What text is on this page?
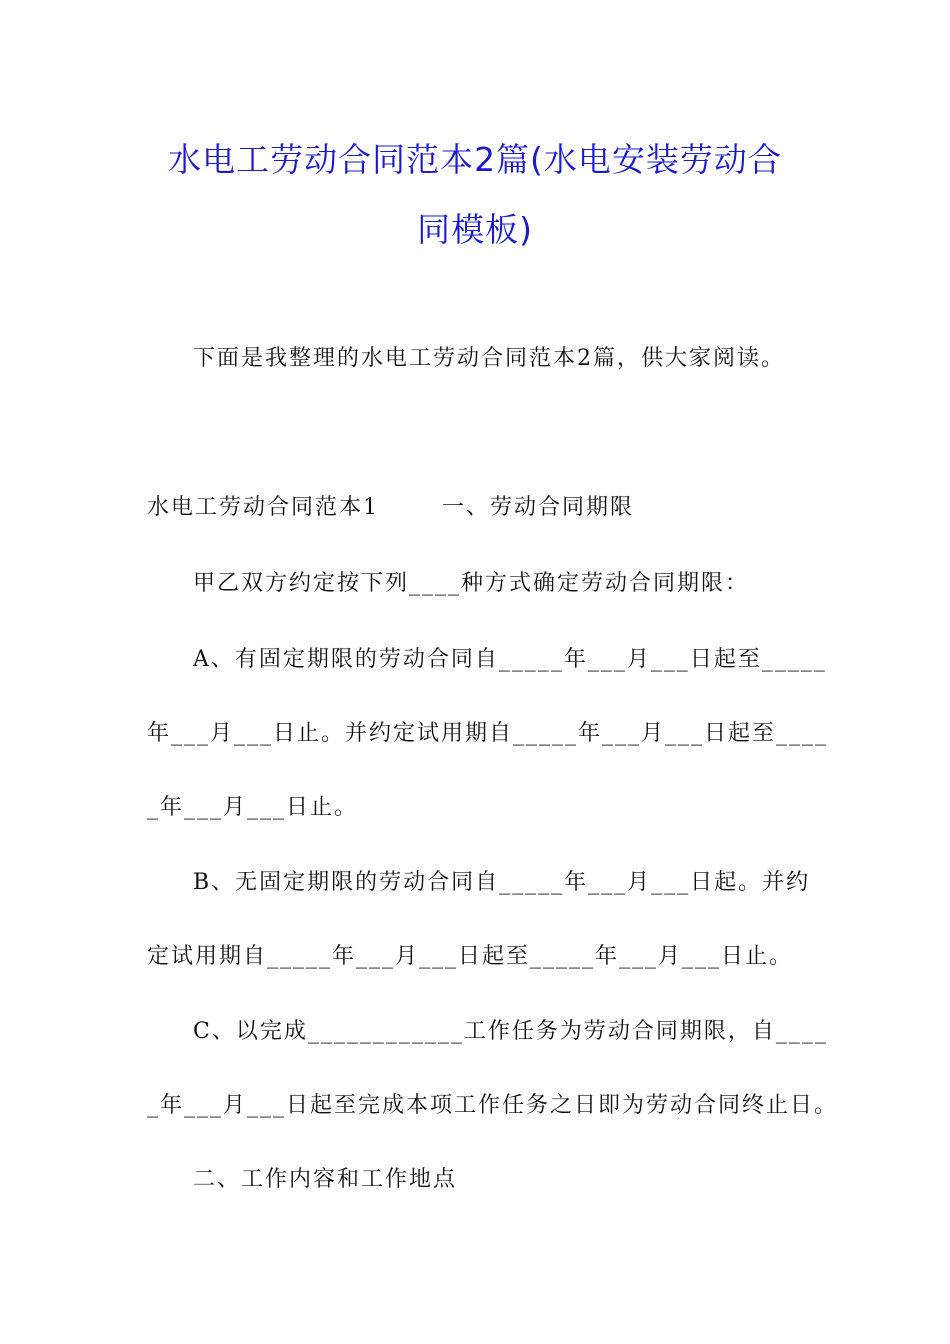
水电工劳动合同范本2篇(水电安装劳动合
同模板)
下面是我整理的水电工劳动合同范本2篇，供大家阅读。
水电工劳动合同范本1       一、劳动合同期限
甲乙双方约定按下列____种方式确定劳动合同期限：
A、有固定期限的劳动合同自_____年___月___日起至_____
年___月___日止。并约定试用期自_____年___月___日起至____
_年___月___日止。
B、无固定期限的劳动合同自_____年___月___日起。并约
定试用期自_____年___月___日起至_____年___月___日止。
C、以完成____________工作任务为劳动合同期限，自____
_年___月___日起至完成本项工作任务之日即为劳动合同终止日。
二、工作内容和工作地点
